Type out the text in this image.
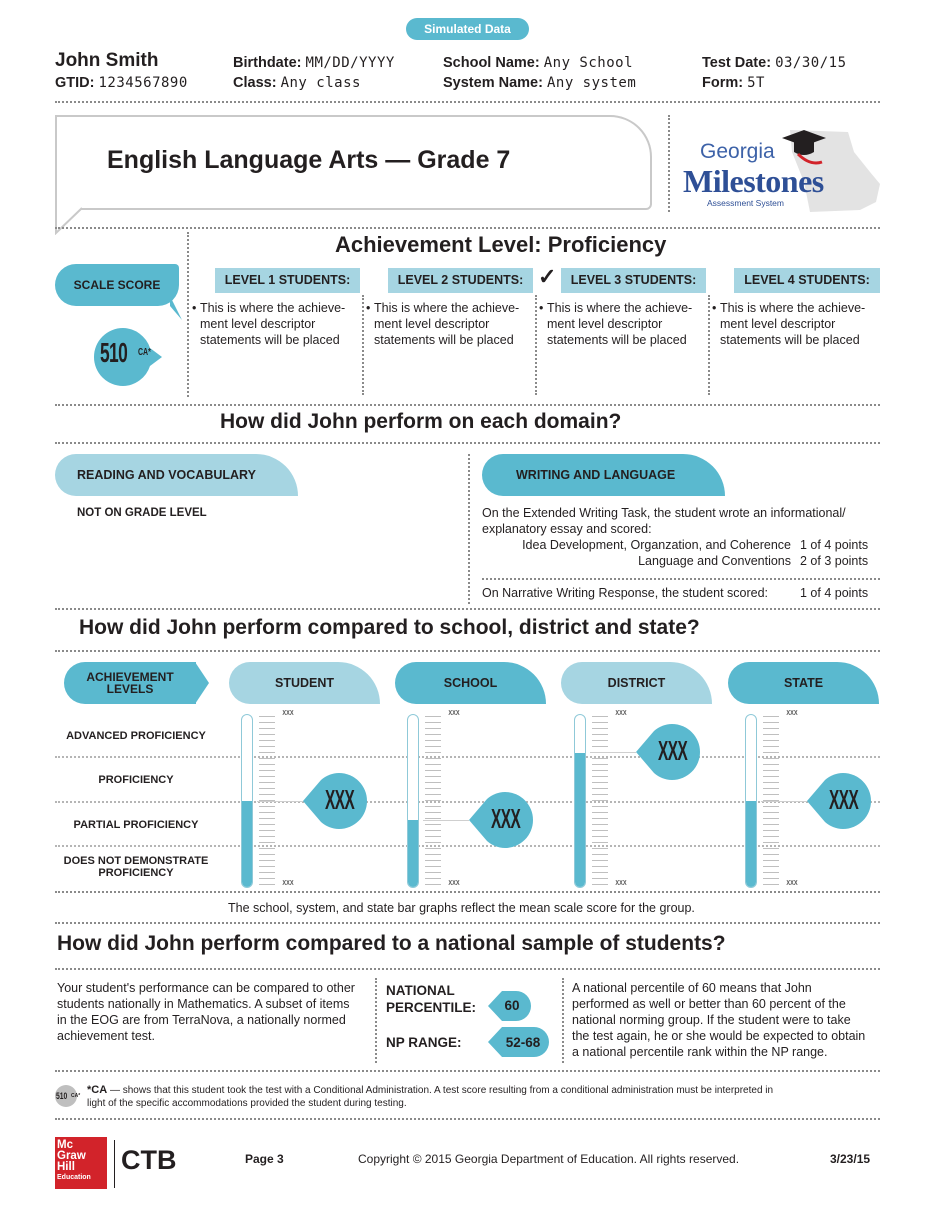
Simulated Data
John Smith
GTID: 1234567890
Birthdate: MM/DD/YYYY
Class: Any class
School Name: Any School
System Name: Any system
Test Date: 03/30/15
Form: 5T
English Language Arts — Grade 7	Georgia
Milestones
Assessment System
Achievement Level: Proficiency
SCALE SCORE
510 CA*
LEVEL 1 STUDENTS:	LEVEL 2 STUDENTS:	LEVEL 3 STUDENTS:	LEVEL 4 STUDENTS:
✓
• This is where the achieve-ment level descriptor statements will be placed
• This is where the achieve-ment level descriptor statements will be placed
• This is where the achieve-ment level descriptor statements will be placed
• This is where the achieve-ment level descriptor statements will be placed
How did John perform on each domain?
READING AND VOCABULARY
NOT ON GRADE LEVEL
WRITING AND LANGUAGE
On the Extended Writing Task, the student wrote an informational/
explanatory essay and scored:
Idea Development, Organzation, and Coherence 1 of 4 points
Language and Conventions 2 of 3 points
On Narrative Writing Response, the student scored:	1 of 4 points
How did John perform compared to school, district and state?
ACHIEVEMENT
LEVELS	STUDENT	SCHOOL	DISTRICT	STATE
ADVANCED PROFICIENCY
PROFICIENCY
PARTIAL PROFICIENCY
DOES NOT DEMONSTRATE
PROFICIENCY
XXX
XXX
XXX
XXX
XXX
XXX
XXX
XXX
XXX
XXX
XXX
XXX
The school, system, and state bar graphs reflect the mean scale score for the group.
How did John perform compared to a national sample of students?
Your student's performance can be compared to other
students nationally in Mathematics. A subset of items
in the EOG are from TerraNova, a nationally normed
achievement test.
NATIONAL
PERCENTILE:	60
NP RANGE:	52-68
A national percentile of 60 means that John
performed as well or better than 60 percent of the
national norming group. If the student were to take
the test again, he or she would be expected to obtain
a national percentile rank within the NP range.
510 CA* *CA — shows that this student took the test with a Conditional Administration. A test score resulting from a conditional administration must be interpreted in
light of the specific accommodations provided the student during testing.
Mc
Graw
Hill
Education
CTB	Page 3	Copyright © 2015 Georgia Department of Education. All rights reserved.	3/23/15
